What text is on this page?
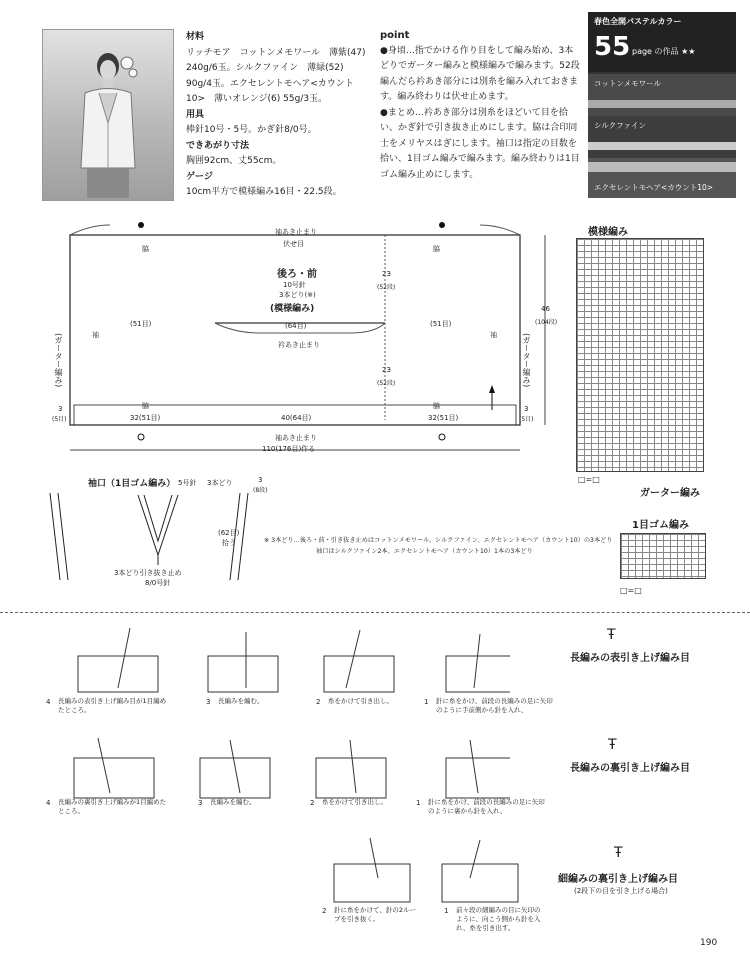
材料
リッチモア　コットンメモワール　薄紫(47) 240g/6玉。シルクファイン　薄緑(52) 90g/4玉。エクセレントモヘア<カウント10>　薄いオレンジ(6) 55g/3玉。
用具
棒針10号・5号。かぎ針8/0号。
できあがり寸法
胸囲92cm、丈55cm。
ゲージ
10cm平方で模様編み16目・22.5段。
point
●身頃…指でかける作り目をして編み始め、3本どりでガーター編みと模様編みで編みます。52段編んだら衿あき部分には別糸を編み入れておきます。編み終わりは伏せ止めます。
●まとめ…衿あき部分は別糸をほどいて目を拾い、かぎ針で引き抜き止めにします。脇は合印同士をメリヤスはぎにします。袖口は指定の目数を拾い、1目ゴム編みで編みます。編み終わりは1目ゴム編み止めにします。
春色全開パステルカラー
55 page の作品 ★★
コットンメモワール
シルクファイン
エクセレントモヘア<カウント10>
袖あき止まり
伏せ目
脇	脇
後ろ・前
10号針
3本どり(※)
(模様編み)
(51目)	(64目)	(51目)
衿あき止まり
23
(52段)
23
(52段)
46
(104段)
(ガーター編み)	(ガーター編み)
袖	袖
脇	脇
3
(5目)
3
(5目)
32(51目)	40(64目)	32(51目)
袖あき止まり
110(176目)作る
袖口（1目ゴム編み） 5号針 3本どり	3
(8段)
(62目)
拾う
3本どり引き抜き止め
8/0号針
※ 3本どり…後ろ・前・引き抜き止めはコットンメモワール、シルクファイン、エクセレントモヘア（カウント10）の3本どり
袖口はシルクファイン2本、エクセレントモヘア（カウント10）1本の3本どり
模様編み
ガーター編み
□=□
1目ゴム編み
□=□
4 長編みの表引き上げ編み目が1目編めたところ。
3 長編みを編む。	2 糸をかけて引き出し。	1 針に糸をかけ、前段の長編みの足に矢印のように手前側から針を入れ、
Ŧ
長編みの表引き上げ編み目
4 長編みの裏引き上げ編みが1目編めたところ。
3 長編みを編む。	2 糸をかけて引き出し。	1 針に糸をかけ、前段の長編みの足に矢印のように裏から針を入れ、
Ŧ
長編みの裏引き上げ編み目
2 針に糸をかけて、針の2ループを引き抜く。
1 前々段の細編みの目に矢印のように、向こう側から針を入れ、糸を引き出す。
Ŧ
細編みの裏引き上げ編み目
(2段下の目を引き上げる場合)
190
